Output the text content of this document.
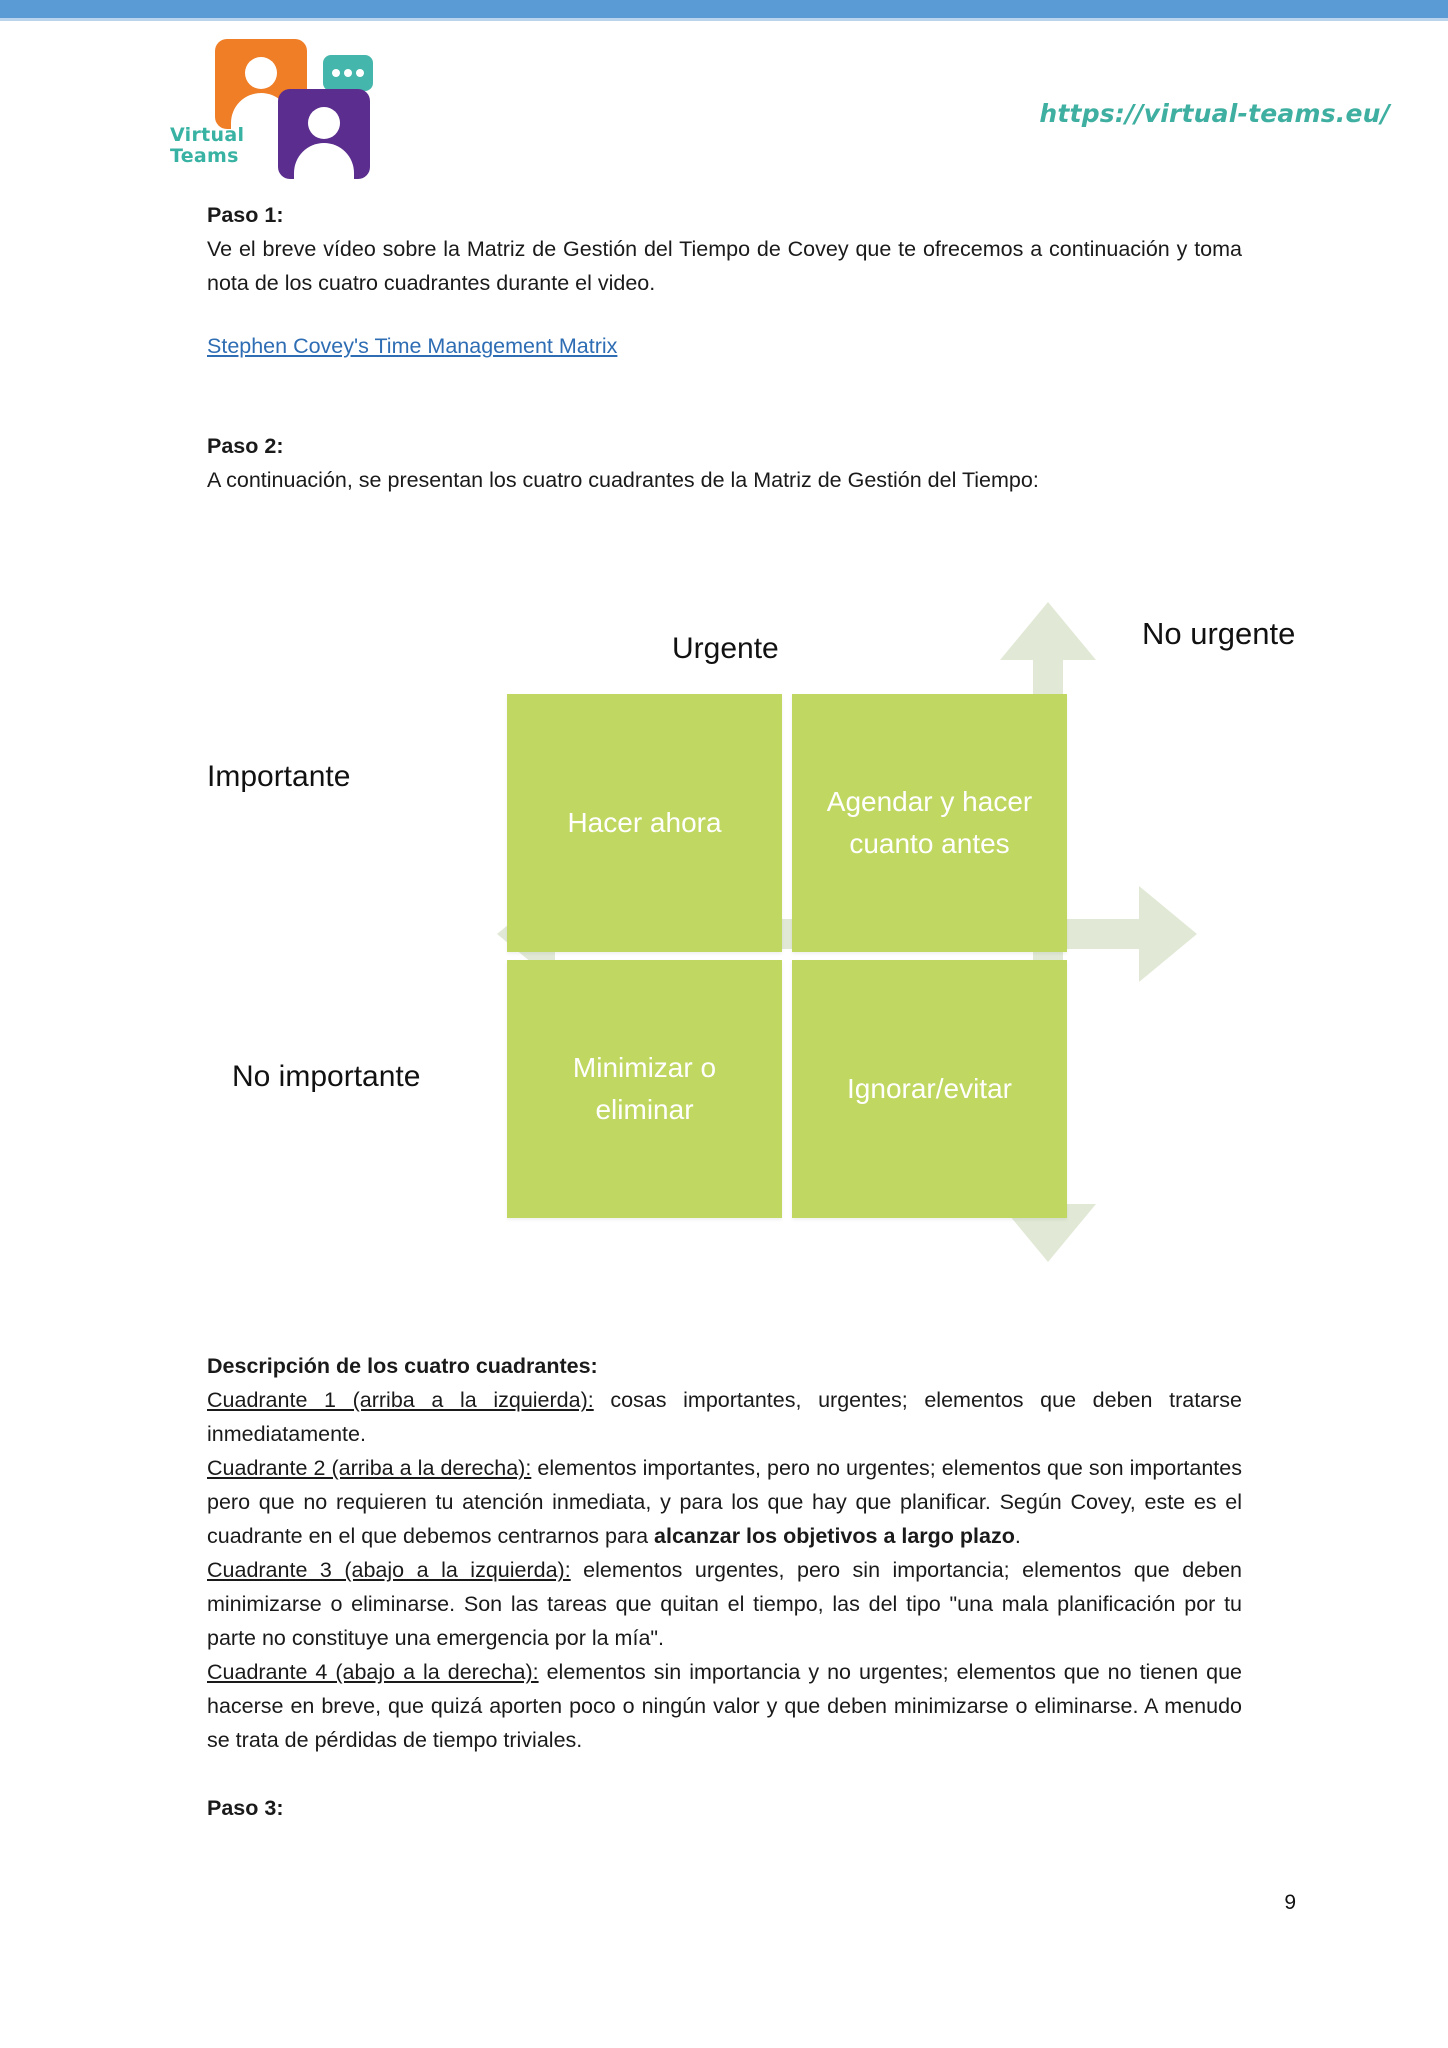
Virtual
Teams
https://virtual-teams.eu/
Paso 1:
Ve el breve vídeo sobre la Matriz de Gestión del Tiempo de Covey que te ofrecemos a continuación y toma nota de los cuatro cuadrantes durante el video.
Stephen Covey's Time Management Matrix
Paso 2:
A continuación, se presentan los cuatro cuadrantes de la Matriz de Gestión del Tiempo:
Hacer ahora
Agendar y hacer cuanto antes
Minimizar o eliminar
Ignorar/evitar
Urgente	No urgente
Importante
No importante
Descripción de los cuatro cuadrantes:
Cuadrante 1 (arriba a la izquierda): cosas importantes, urgentes; elementos que deben tratarse inmediatamente.
Cuadrante 2 (arriba a la derecha): elementos importantes, pero no urgentes; elementos que son importantes pero que no requieren tu atención inmediata, y para los que hay que planificar. Según Covey, este es el cuadrante en el que debemos centrarnos para alcanzar los objetivos a largo plazo.
Cuadrante 3 (abajo a la izquierda): elementos urgentes, pero sin importancia; elementos que deben minimizarse o eliminarse. Son las tareas que quitan el tiempo, las del tipo "una mala planificación por tu parte no constituye una emergencia por la mía".
Cuadrante 4 (abajo a la derecha): elementos sin importancia y no urgentes; elementos que no tienen que hacerse en breve, que quizá aporten poco o ningún valor y que deben minimizarse o eliminarse. A menudo se trata de pérdidas de tiempo triviales.
Paso 3:
9
